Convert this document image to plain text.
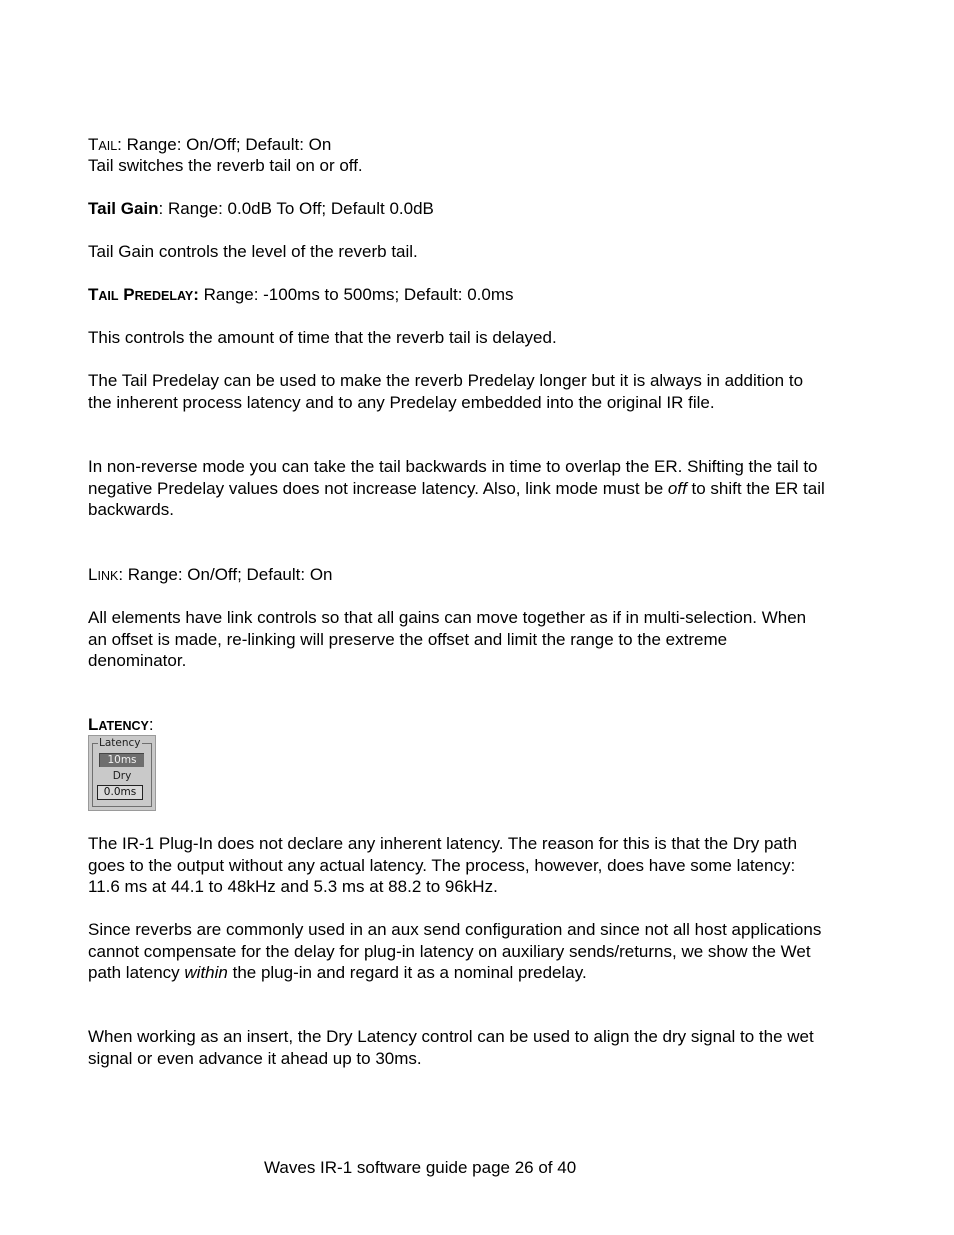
TAIL: Range: On/Off; Default: On

Tail switches the reverb tail on or off.

Tail Gain: Range: 0.0dB To Off; Default 0.0dB

Tail Gain controls the level of the reverb tail.

TAIL PREDELAY: Range: -100ms to 500ms; Default: 0.0ms

This controls the amount of time that the reverb tail is delayed.

The Tail Predelay can be used to make the reverb Predelay longer but it is always in addition to the inherent process latency and to any Predelay embedded into the original IR file.

In non-reverse mode you can take the tail backwards in time to overlap the ER. Shifting the tail to negative Predelay values does not increase latency. Also, link mode must be off to shift the ER tail backwards.

LINK: Range: On/Off; Default: On

All elements have link controls so that all gains can move together as if in multi-selection. When an offset is made, re-linking will preserve the offset and limit the range to the extreme denominator.

LATENCY:

Latency
10ms
Dry
0.0ms

The IR-1 Plug-In does not declare any inherent latency. The reason for this is that the Dry path goes to the output without any actual latency. The process, however, does have some latency: 11.6 ms at 44.1 to 48kHz and 5.3 ms at 88.2 to 96kHz.

Since reverbs are commonly used in an aux send configuration and since not all host applications cannot compensate for the delay for plug-in latency on auxiliary sends/returns, we show the Wet path latency within the plug-in and regard it as a nominal predelay.

When working as an insert, the Dry Latency control can be used to align the dry signal to the wet signal or even advance it ahead up to 30ms.

Waves IR-1 software guide page 26 of 40
